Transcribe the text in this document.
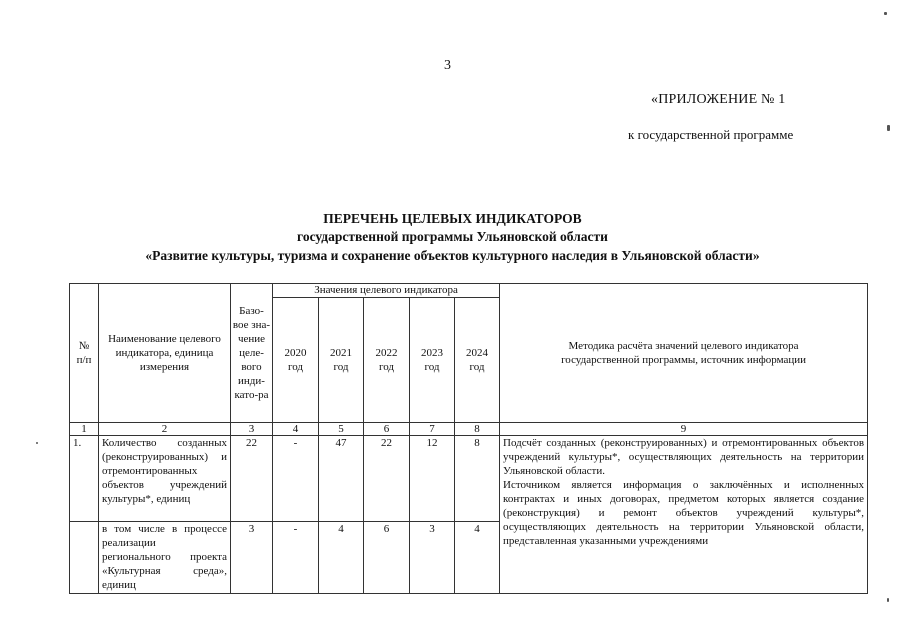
3
«ПРИЛОЖЕНИЕ № 1
к государственной программе
ПЕРЕЧЕНЬ ЦЕЛЕВЫХ ИНДИКАТОРОВ
государственной программы Ульяновской области
«Развитие культуры, туризма и сохранение объектов культурного наследия в Ульяновской области»
№ п/п	Наименование целевого индикатора, единица измерения	Базо-вое зна-чение целе-вого инди-като-ра	Значения целевого индикатора					Методика расчёта значений целевого индикатора государственной программы, источник информации
			2020 год	2021 год	2022 год	2023 год	2024 год	
1	2	3	4	5	6	7	8	9
1.	Количество созданных (реконструированных) и отремонтированных объектов учреждений культуры*, единиц	22	-	47	22	12	8	Подсчёт созданных (реконструированных) и отремонтированных объектов учреждений культуры*, осуществляющих деятельность на территории Ульяновской области.

Источником является информация о заключённых и исполненных контрактах и иных договорах, предметом которых является создание (реконструкция) и ремонт объектов учреждений культуры*, осуществляющих деятельность на территории Ульяновской области, представленная указанными учреждениями

	в том числе в процессе реализации регионального проекта «Культурная среда», единиц	3	-	4	6	3	4	
